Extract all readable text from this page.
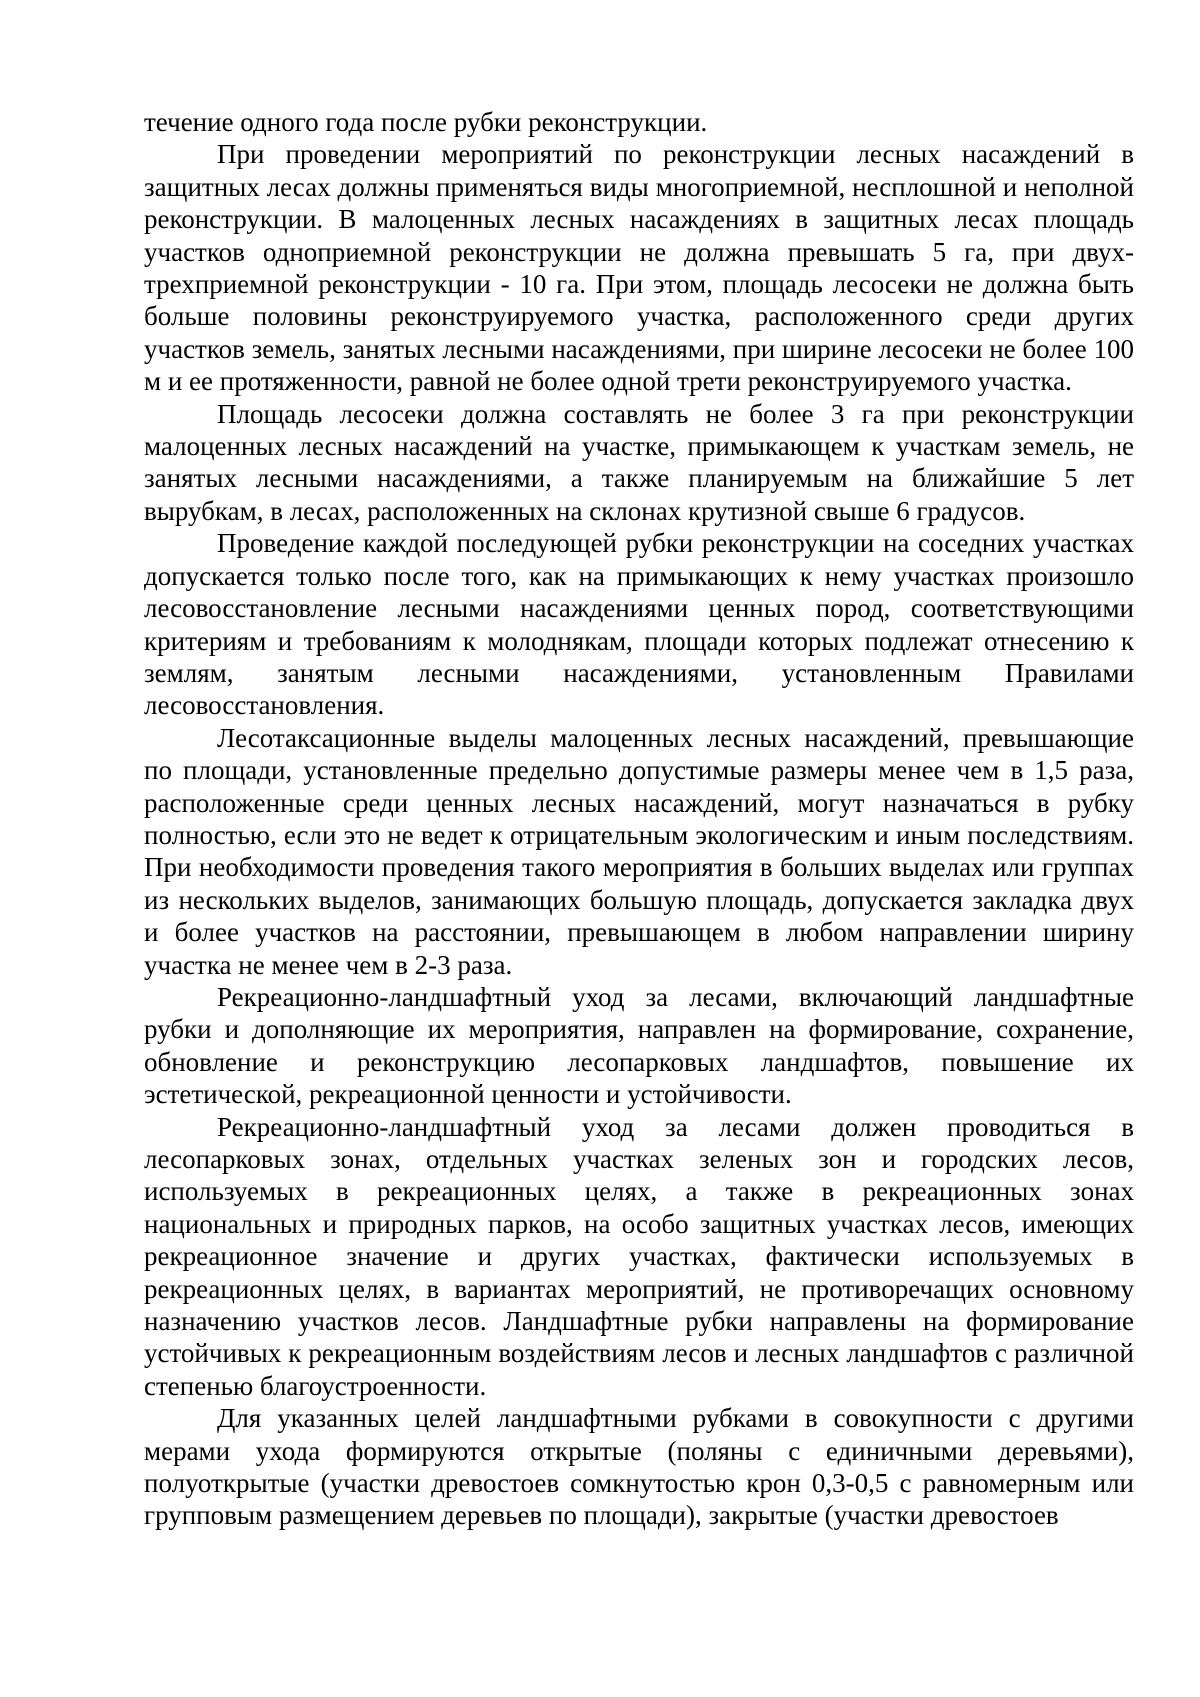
течение одного года после рубки реконструкции.

При проведении мероприятий по реконструкции лесных насаждений в защитных лесах должны применяться виды многоприемной, несплошной и неполной реконструкции. В малоценных лесных насаждениях в защитных лесах площадь участков одноприемной реконструкции не должна превышать 5 га, при двух-трехприемной реконструкции - 10 га. При этом, площадь лесосеки не должна быть больше половины реконструируемого участка, расположенного среди других участков земель, занятых лесными насаждениями, при ширине лесосеки не более 100 м и ее протяженности, равной не более одной трети реконструируемого участка.

Площадь лесосеки должна составлять не более 3 га при реконструкции малоценных лесных насаждений на участке, примыкающем к участкам земель, не занятых лесными насаждениями, а также планируемым на ближайшие 5 лет вырубкам, в лесах, расположенных на склонах крутизной свыше 6 градусов.

Проведение каждой последующей рубки реконструкции на соседних участках допускается только после того, как на примыкающих к нему участках произошло лесовосстановление лесными насаждениями ценных пород, соответствующими критериям и требованиям к молоднякам, площади которых подлежат отнесению к землям, занятым лесными насаждениями, установленным Правилами лесовосстановления.

Лесотаксационные выделы малоценных лесных насаждений, превышающие по площади, установленные предельно допустимые размеры менее чем в 1,5 раза, расположенные среди ценных лесных насаждений, могут назначаться в рубку полностью, если это не ведет к отрицательным экологическим и иным последствиям. При необходимости проведения такого мероприятия в больших выделах или группах из нескольких выделов, занимающих большую площадь, допускается закладка двух и более участков на расстоянии, превышающем в любом направлении ширину участка не менее чем в 2-3 раза.

Рекреационно-ландшафтный уход за лесами, включающий ландшафтные рубки и дополняющие их мероприятия, направлен на формирование, сохранение, обновление и реконструкцию лесопарковых ландшафтов, повышение их эстетической, рекреационной ценности и устойчивости.

Рекреационно-ландшафтный уход за лесами должен проводиться в лесопарковых зонах, отдельных участках зеленых зон и городских лесов, используемых в рекреационных целях, а также в рекреационных зонах национальных и природных парков, на особо защитных участках лесов, имеющих рекреационное значение и других участках, фактически используемых в рекреационных целях, в вариантах мероприятий, не противоречащих основному назначению участков лесов. Ландшафтные рубки направлены на формирование устойчивых к рекреационным воздействиям лесов и лесных ландшафтов с различной степенью благоустроенности.

Для указанных целей ландшафтными рубками в совокупности с другими мерами ухода формируются открытые (поляны с единичными деревьями), полуоткрытые (участки древостоев сомкнутостью крон 0,3-0,5 с равномерным или групповым размещением деревьев по площади), закрытые (участки древостоев
